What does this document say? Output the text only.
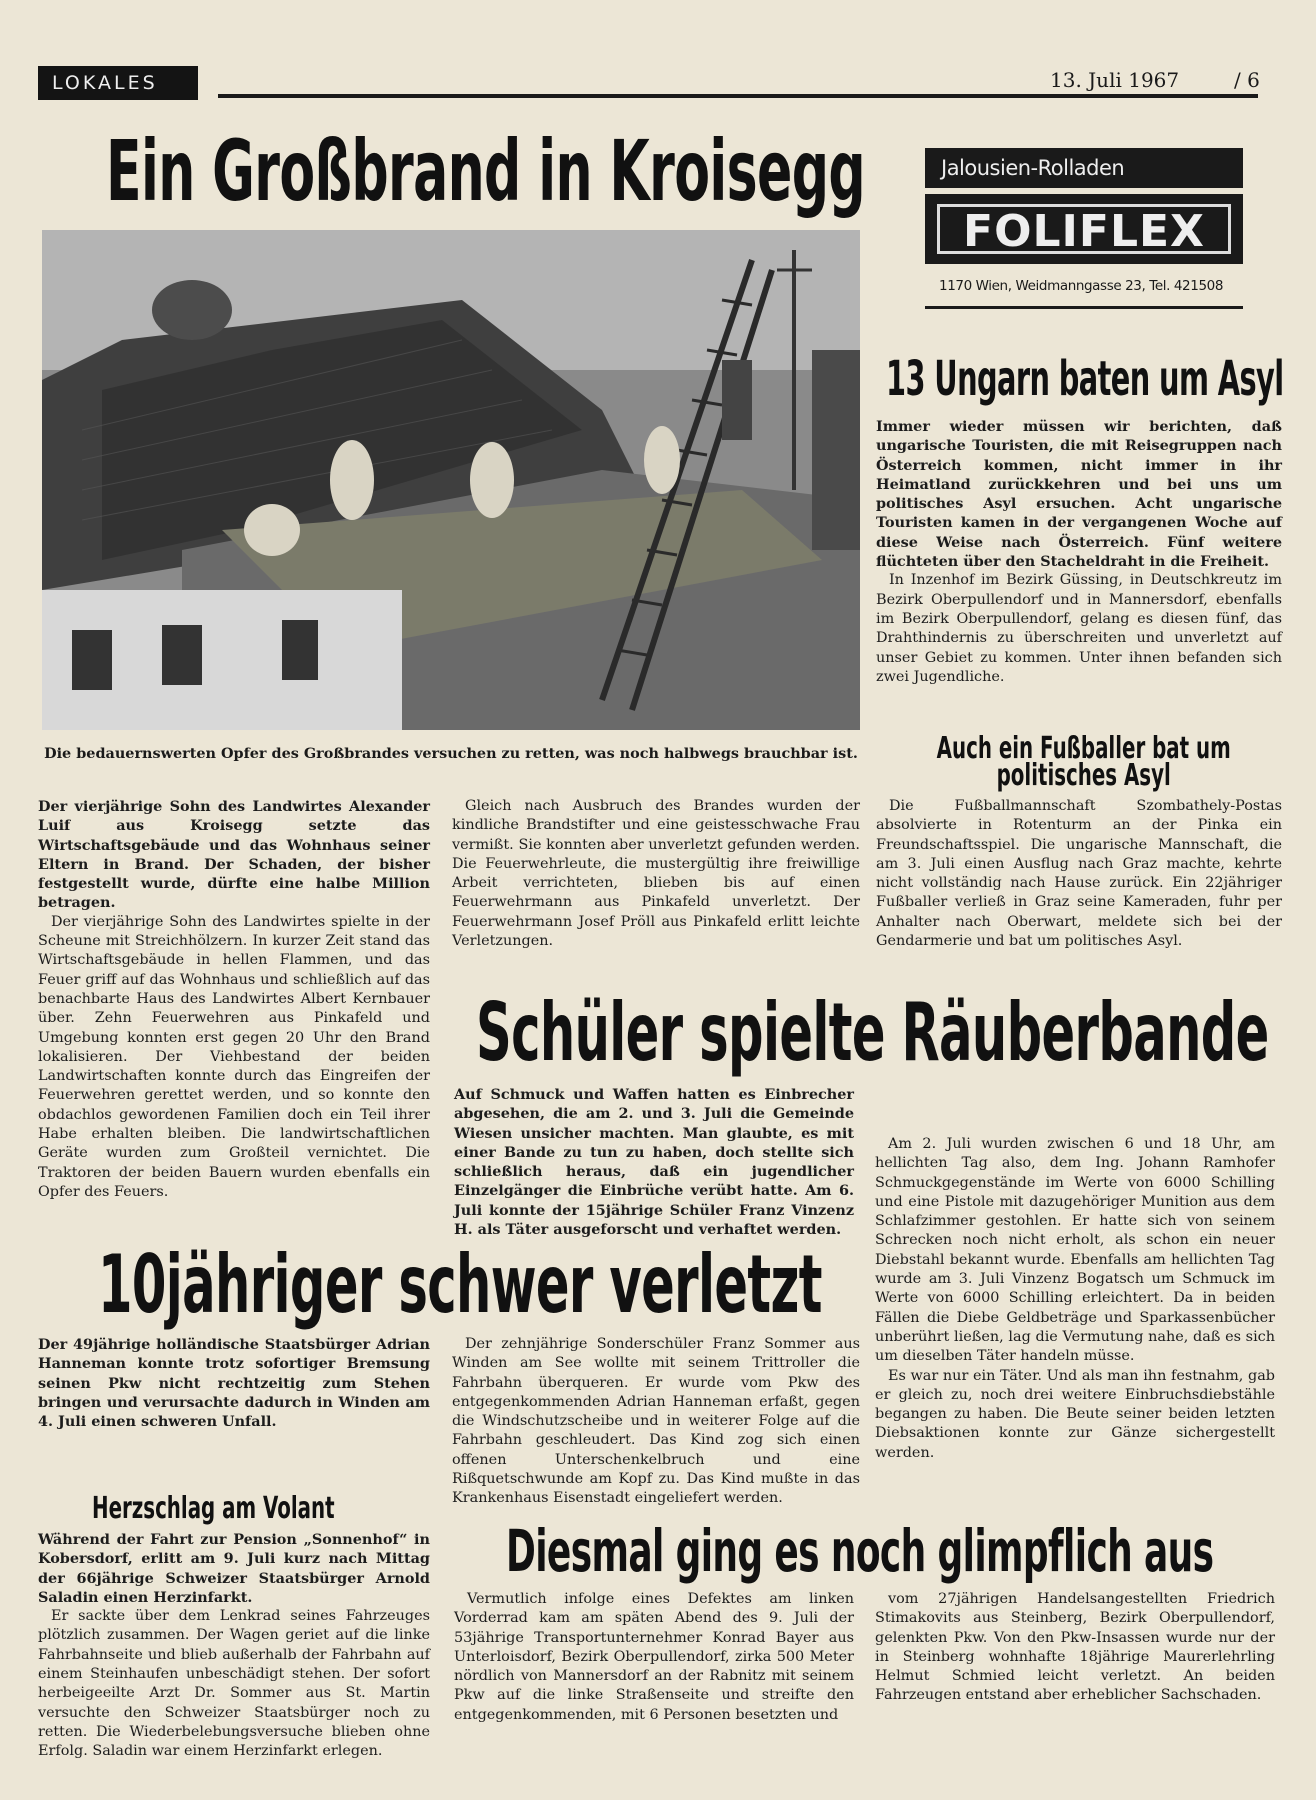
LOKALES	13. Juli 1967	/ 6
Ein Großbrand in Kroisegg
Die bedauernswerten Opfer des Großbrandes versuchen zu retten, was noch halbwegs brauchbar ist.

Der vierjährige Sohn des Landwirtes Alexander Luif aus Kroisegg setzte das Wirtschaftsgebäude und das Wohnhaus seiner Eltern in Brand. Der Schaden, der bisher festgestellt wurde, dürfte eine halbe Million betragen.

Der vierjährige Sohn des Landwirtes spielte in der Scheune mit Streichhölzern. In kurzer Zeit stand das Wirtschaftsgebäude in hellen Flammen, und das Feuer griff auf das Wohnhaus und schließlich auf das benachbarte Haus des Landwirtes Albert Kernbauer über. Zehn Feuerwehren aus Pinkafeld und Umgebung konnten erst gegen 20 Uhr den Brand lokalisieren. Der Viehbestand der beiden Landwirtschaften konnte durch das Eingreifen der Feuerwehren gerettet werden, und so konnte den obdachlos gewordenen Familien doch ein Teil ihrer Habe erhalten bleiben. Die landwirtschaftlichen Geräte wurden zum Großteil vernichtet. Die Traktoren der beiden Bauern wurden ebenfalls ein Opfer des Feuers.

Gleich nach Ausbruch des Brandes wurden der kindliche Brandstifter und eine geistesschwache Frau vermißt. Sie konnten aber unverletzt gefunden werden. Die Feuerwehrleute, die mustergültig ihre freiwillige Arbeit verrichteten, blieben bis auf einen Feuerwehrmann aus Pinkafeld unverletzt. Der Feuerwehrmann Josef Pröll aus Pinkafeld erlitt leichte Verletzungen.

Jalousien-Rolladen
FOLIFLEX
1170 Wien, Weidmanngasse 23, Tel. 421508
13 Ungarn baten um Asyl

Immer wieder müssen wir berichten, daß ungarische Touristen, die mit Reisegruppen nach Österreich kommen, nicht immer in ihr Heimatland zurückkehren und bei uns um politisches Asyl ersuchen. Acht ungarische Touristen kamen in der vergangenen Woche auf diese Weise nach Österreich. Fünf weitere flüchteten über den Stacheldraht in die Freiheit.

In Inzenhof im Bezirk Güssing, in Deutschkreutz im Bezirk Oberpullendorf und in Mannersdorf, ebenfalls im Bezirk Oberpullendorf, gelang es diesen fünf, das Drahthindernis zu überschreiten und unverletzt auf unser Gebiet zu kommen. Unter ihnen befanden sich zwei Jugendliche.

Auch ein Fußballer bat um politisches Asyl

Die Fußballmannschaft Szombathely-Postas absolvierte in Rotenturm an der Pinka ein Freundschaftsspiel. Die ungarische Mannschaft, die am 3. Juli einen Ausflug nach Graz machte, kehrte nicht vollständig nach Hause zurück. Ein 22jähriger Fußballer verließ in Graz seine Kameraden, fuhr per Anhalter nach Oberwart, meldete sich bei der Gendarmerie und bat um politisches Asyl.

Schüler spielte Räuberbande

Auf Schmuck und Waffen hatten es Einbrecher abgesehen, die am 2. und 3. Juli die Gemeinde Wiesen unsicher machten. Man glaubte, es mit einer Bande zu tun zu haben, doch stellte sich schließlich heraus, daß ein jugendlicher Einzelgänger die Einbrüche verübt hatte. Am 6. Juli konnte der 15jährige Schüler Franz Vinzenz H. als Täter ausgeforscht und verhaftet werden.

Am 2. Juli wurden zwischen 6 und 18 Uhr, am hellichten Tag also, dem Ing. Johann Ramhofer Schmuckgegenstände im Werte von 6000 Schilling und eine Pistole mit dazugehöriger Munition aus dem Schlafzimmer gestohlen. Er hatte sich von seinem Schrecken noch nicht erholt, als schon ein neuer Diebstahl bekannt wurde. Ebenfalls am hellichten Tag wurde am 3. Juli Vinzenz Bogatsch um Schmuck im Werte von 6000 Schilling erleichtert. Da in beiden Fällen die Diebe Geldbeträge und Sparkassenbücher unberührt ließen, lag die Vermutung nahe, daß es sich um dieselben Täter handeln müsse.

Es war nur ein Täter. Und als man ihn festnahm, gab er gleich zu, noch drei weitere Einbruchsdiebstähle begangen zu haben. Die Beute seiner beiden letzten Diebsaktionen konnte zur Gänze sichergestellt werden.

10jähriger schwer verletzt

Der 49jährige holländische Staatsbürger Adrian Hanneman konnte trotz sofortiger Bremsung seinen Pkw nicht rechtzeitig zum Stehen bringen und verursachte dadurch in Winden am 4. Juli einen schweren Unfall.

Der zehnjährige Sonderschüler Franz Sommer aus Winden am See wollte mit seinem Trittroller die Fahrbahn überqueren. Er wurde vom Pkw des entgegenkommenden Adrian Hanneman erfaßt, gegen die Windschutzscheibe und in weiterer Folge auf die Fahrbahn geschleudert. Das Kind zog sich einen offenen Unterschenkelbruch und eine Rißquetschwunde am Kopf zu. Das Kind mußte in das Krankenhaus Eisenstadt eingeliefert werden.

Herzschlag am Volant

Während der Fahrt zur Pension „Sonnenhof“ in Kobersdorf, erlitt am 9. Juli kurz nach Mittag der 66jährige Schweizer Staatsbürger Arnold Saladin einen Herzinfarkt.

Er sackte über dem Lenkrad seines Fahrzeuges plötzlich zusammen. Der Wagen geriet auf die linke Fahrbahnseite und blieb außerhalb der Fahrbahn auf einem Steinhaufen unbeschädigt stehen. Der sofort herbeigeeilte Arzt Dr. Sommer aus St. Martin versuchte den Schweizer Staatsbürger noch zu retten. Die Wiederbelebungsversuche blieben ohne Erfolg. Saladin war einem Herzinfarkt erlegen.

Diesmal ging es noch glimpflich aus

Vermutlich infolge eines Defektes am linken Vorderrad kam am späten Abend des 9. Juli der 53jährige Transportunternehmer Konrad Bayer aus Unterloisdorf, Bezirk Oberpullendorf, zirka 500 Meter nördlich von Mannersdorf an der Rabnitz mit seinem Pkw auf die linke Straßenseite und streifte den entgegenkommenden, mit 6 Personen besetzten und

vom 27jährigen Handelsangestellten Friedrich Stimakovits aus Steinberg, Bezirk Oberpullendorf, gelenkten Pkw. Von den Pkw-Insassen wurde nur der in Steinberg wohnhafte 18jährige Maurerlehrling Helmut Schmied leicht verletzt. An beiden Fahrzeugen entstand aber erheblicher Sachschaden.
